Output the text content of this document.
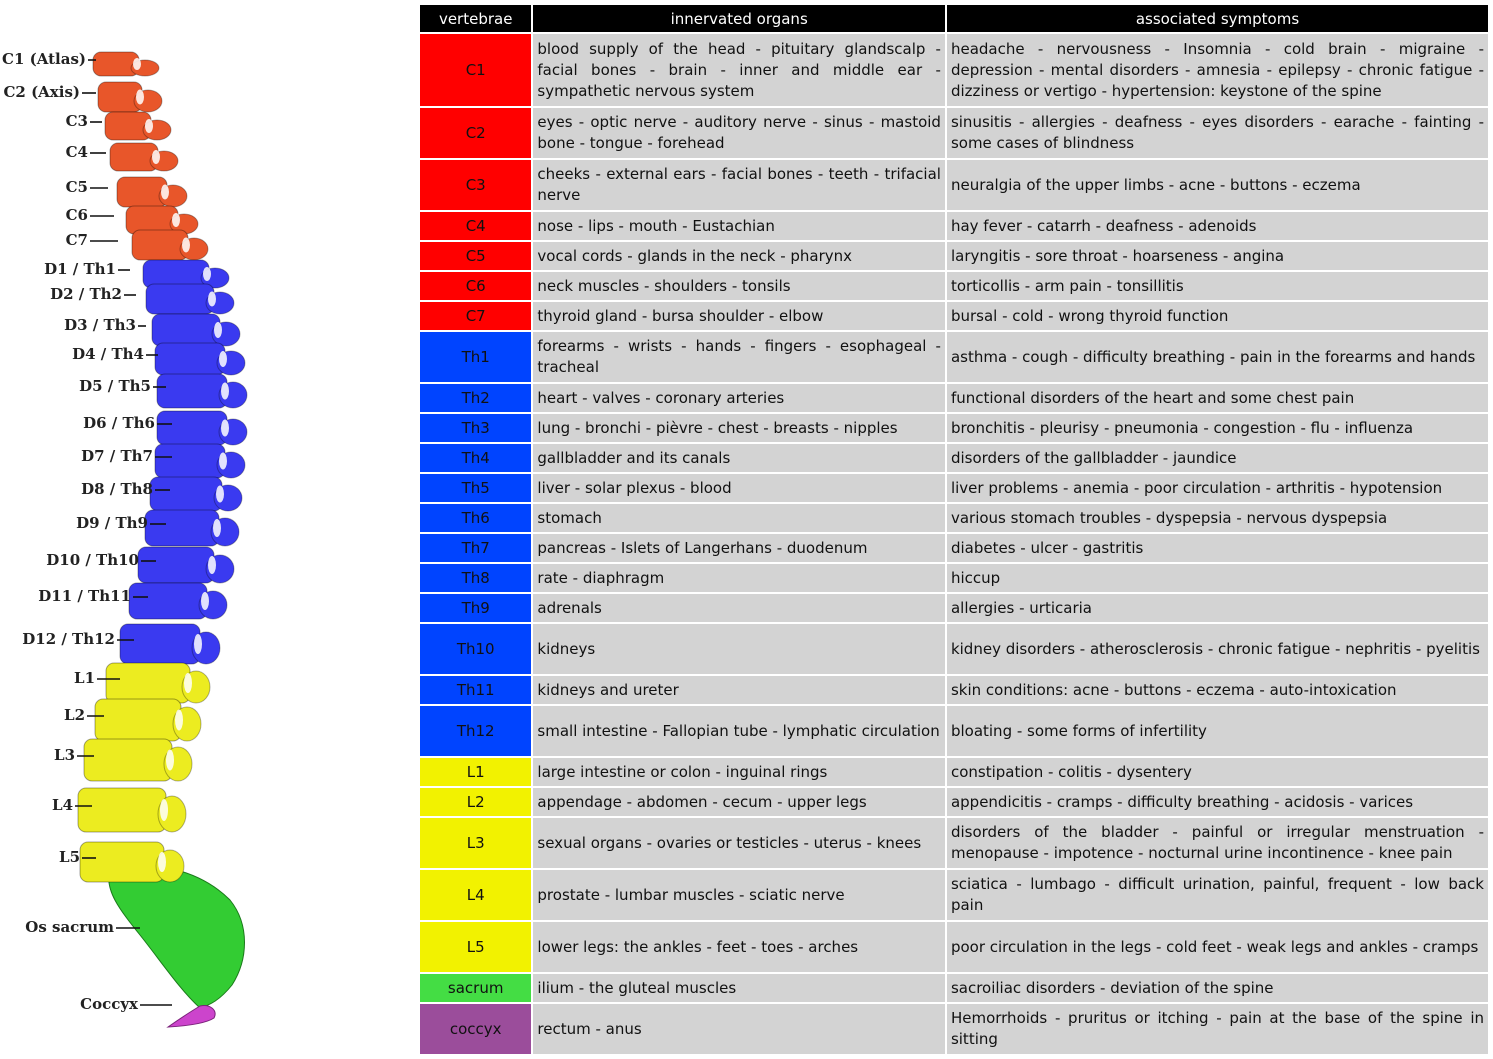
C1 (Atlas)
C2 (Axis)
C3
C4
C5
C6
C7
D1 / Th1
D2 / Th2
D3 / Th3
D4 / Th4
D5 / Th5
D6 / Th6
D7 / Th7
D8 / Th8
D9 / Th9
D10 / Th10
D11 / Th11
D12 / Th12
L1
L2
L3
L4
L5
Os sacrum
Coccyx
vertebrae	innervated organs	associated symptoms
C1	blood supply of the head - pituitary glandscalp - facial bones - brain - inner and middle ear - sympathetic nervous system	headache - nervousness - Insomnia - cold brain - migraine - depression - mental disorders - amnesia - epilepsy - chronic fatigue - dizziness or vertigo - hypertension: keystone of the spine
C2	eyes - optic nerve - auditory nerve - sinus - mastoid bone - tongue - forehead	sinusitis - allergies - deafness - eyes disorders - earache - fainting - some cases of blindness
C3	cheeks - external ears - facial bones - teeth - trifacial nerve	neuralgia of the upper limbs - acne - buttons - eczema
C4	nose - lips - mouth - Eustachian	hay fever - catarrh - deafness - adenoids
C5	vocal cords - glands in the neck - pharynx	laryngitis - sore throat - hoarseness - angina
C6	neck muscles - shoulders - tonsils	torticollis - arm pain - tonsillitis
C7	thyroid gland - bursa shoulder - elbow	bursal - cold - wrong thyroid function
Th1	forearms - wrists - hands - fingers - esophageal - tracheal	asthma - cough - difficulty breathing - pain in the forearms and hands
Th2	heart - valves - coronary arteries	functional disorders of the heart and some chest pain
Th3	lung - bronchi - pièvre - chest - breasts - nipples	bronchitis - pleurisy - pneumonia - congestion - flu - influenza
Th4	gallbladder and its canals	disorders of the gallbladder - jaundice
Th5	liver - solar plexus - blood	liver problems - anemia - poor circulation - arthritis - hypotension
Th6	stomach	various stomach troubles - dyspepsia - nervous dyspepsia
Th7	pancreas - Islets of Langerhans - duodenum	diabetes - ulcer - gastritis
Th8	rate - diaphragm	hiccup
Th9	adrenals	allergies - urticaria
Th10	kidneys	kidney disorders - atherosclerosis - chronic fatigue - nephritis - pyelitis
Th11	kidneys and ureter	skin conditions: acne - buttons - eczema - auto-intoxication
Th12	small intestine - Fallopian tube - lymphatic circulation	bloating - some forms of infertility
L1	large intestine or colon - inguinal rings	constipation - colitis - dysentery
L2	appendage - abdomen - cecum - upper legs	appendicitis - cramps - difficulty breathing - acidosis - varices
L3	sexual organs - ovaries or testicles - uterus - knees	disorders of the bladder - painful or irregular menstruation - menopause - impotence - nocturnal urine incontinence - knee pain
L4	prostate - lumbar muscles - sciatic nerve	sciatica - lumbago - difficult urination, painful, frequent - low back pain
L5	lower legs: the ankles - feet - toes - arches	poor circulation in the legs - cold feet - weak legs and ankles - cramps
sacrum	ilium - the gluteal muscles	sacroiliac disorders - deviation of the spine
coccyx	rectum - anus	Hemorrhoids - pruritus or itching - pain at the base of the spine in sitting
